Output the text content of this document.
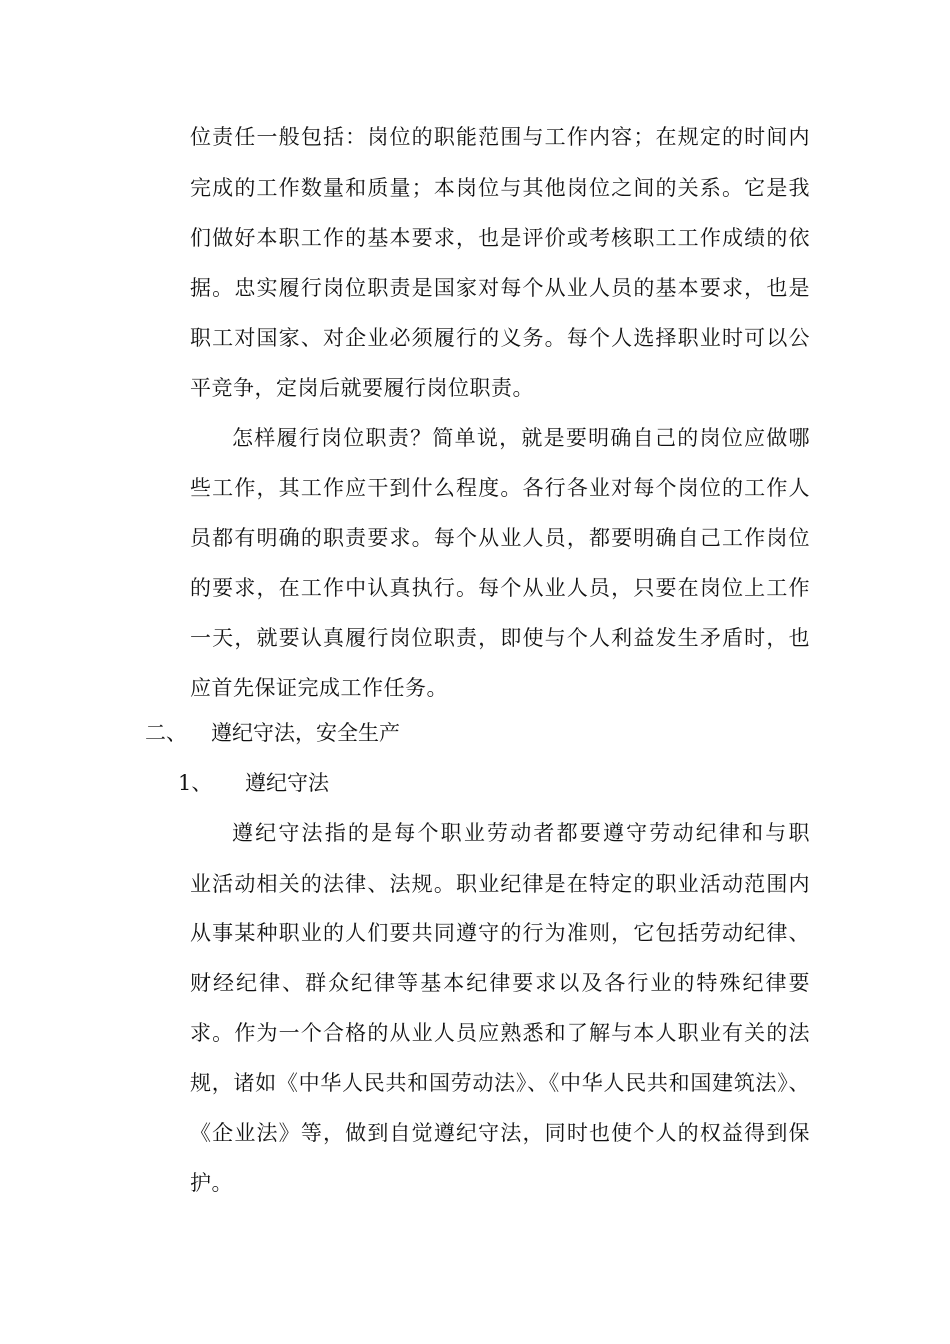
位责任一般包括：岗位的职能范围与工作内容；在规定的时间内
完成的工作数量和质量；本岗位与其他岗位之间的关系。它是我
们做好本职工作的基本要求，也是评价或考核职工工作成绩的依
据。忠实履行岗位职责是国家对每个从业人员的基本要求，也是
职工对国家、对企业必须履行的义务。每个人选择职业时可以公
平竞争，定岗后就要履行岗位职责。
怎样履行岗位职责？简单说，就是要明确自己的岗位应做哪
些工作，其工作应干到什么程度。各行各业对每个岗位的工作人
员都有明确的职责要求。每个从业人员，都要明确自己工作岗位
的要求，在工作中认真执行。每个从业人员，只要在岗位上工作
一天，就要认真履行岗位职责，即使与个人利益发生矛盾时，也
应首先保证完成工作任务。
二、 遵纪守法，安全生产
1、 遵纪守法
遵纪守法指的是每个职业劳动者都要遵守劳动纪律和与职
业活动相关的法律、法规。职业纪律是在特定的职业活动范围内
从事某种职业的人们要共同遵守的行为准则，它包括劳动纪律、
财经纪律、群众纪律等基本纪律要求以及各行业的特殊纪律要
求。作为一个合格的从业人员应熟悉和了解与本人职业有关的法
规，诸如《中华人民共和国劳动法》、《中华人民共和国建筑法》、
《企业法》等，做到自觉遵纪守法，同时也使个人的权益得到保
护。
